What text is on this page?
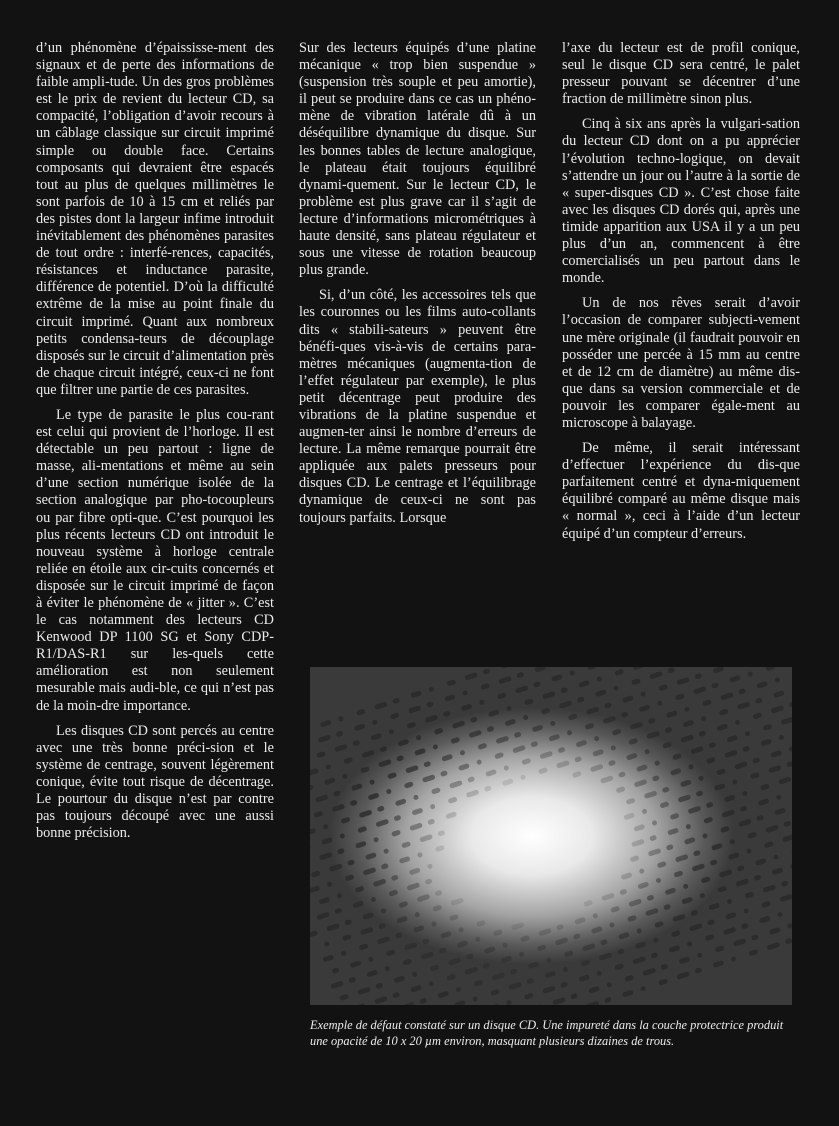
d’un phénomène d’épaississe-ment des signaux et de perte des informations de faible ampli-tude. Un des gros problèmes est le prix de revient du lecteur CD, sa compacité, l’obligation d’avoir recours à un câblage classique sur circuit imprimé simple ou double face. Certains composants qui devraient être espacés tout au plus de quelques millimètres le sont parfois de 10 à 15 cm et reliés par des pistes dont la largeur infime introduit inévitablement des phénomènes parasites de tout ordre : interfé-rences, capacités, résistances et inductance parasite, différence de potentiel. D’où la difficulté extrême de la mise au point finale du circuit imprimé. Quant aux nombreux petits condensa-teurs de découplage disposés sur le circuit d’alimentation près de chaque circuit intégré, ceux-ci ne font que filtrer une partie de ces parasites.

Le type de parasite le plus cou-rant est celui qui provient de l’horloge. Il est détectable un peu partout : ligne de masse, ali-mentations et même au sein d’une section numérique isolée de la section analogique par pho-tocoupleurs ou par fibre opti-que. C’est pourquoi les plus récents lecteurs CD ont introduit le nouveau système à horloge centrale reliée en étoile aux cir-cuits concernés et disposée sur le circuit imprimé de façon à éviter le phénomène de « jitter ». C’est le cas notamment des lecteurs CD Kenwood DP 1100 SG et Sony CDP-R1/DAS-R1 sur les-quels cette amélioration est non seulement mesurable mais audi-ble, ce qui n’est pas de la moin-dre importance.

Les disques CD sont percés au centre avec une très bonne préci-sion et le système de centrage, souvent légèrement conique, évite tout risque de décentrage. Le pourtour du disque n’est par contre pas toujours découpé avec une aussi bonne précision.

Sur des lecteurs équipés d’une platine mécanique « trop bien suspendue » (suspension très souple et peu amortie), il peut se produire dans ce cas un phéno-mène de vibration latérale dû à un déséquilibre dynamique du disque. Sur les bonnes tables de lecture analogique, le plateau était toujours équilibré dynami-quement. Sur le lecteur CD, le problème est plus grave car il s’agit de lecture d’informations micrométriques à haute densité, sans plateau régulateur et sous une vitesse de rotation beaucoup plus grande.

Si, d’un côté, les accessoires tels que les couronnes ou les films auto-collants dits « stabili-sateurs » peuvent être bénéfi-ques vis-à-vis de certains para-mètres mécaniques (augmenta-tion de l’effet régulateur par exemple), le plus petit décentrage peut produire des vibrations de la platine suspendue et augmen-ter ainsi le nombre d’erreurs de lecture. La même remarque pourrait être appliquée aux palets presseurs pour disques CD. Le centrage et l’équilibrage dynamique de ceux-ci ne sont pas toujours parfaits. Lorsque

l’axe du lecteur est de profil conique, seul le disque CD sera centré, le palet presseur pouvant se décentrer d’une fraction de millimètre sinon plus.

Cinq à six ans après la vulgari-sation du lecteur CD dont on a pu apprécier l’évolution techno-logique, on devait s’attendre un jour ou l’autre à la sortie de « super-disques CD ». C’est chose faite avec les disques CD dorés qui, après une timide apparition aux USA il y a un peu plus d’un an, commencent à être comercialisés un peu partout dans le monde.

Un de nos rêves serait d’avoir l’occasion de comparer subjecti-vement une mère originale (il faudrait pouvoir en posséder une percée à 15 mm au centre et de 12 cm de diamètre) au même dis-que dans sa version commerciale et de pouvoir les comparer égale-ment au microscope à balayage.

De même, il serait intéressant d’effectuer l’expérience du dis-que parfaitement centré et dyna-miquement équilibré comparé au même disque mais « normal », ceci à l’aide d’un lecteur équipé d’un compteur d’erreurs.

Exemple de défaut constaté sur un disque CD. Une impureté dans la couche protectrice produit une opacité de 10 x 20 µm environ, masquant plusieurs dizaines de trous.
